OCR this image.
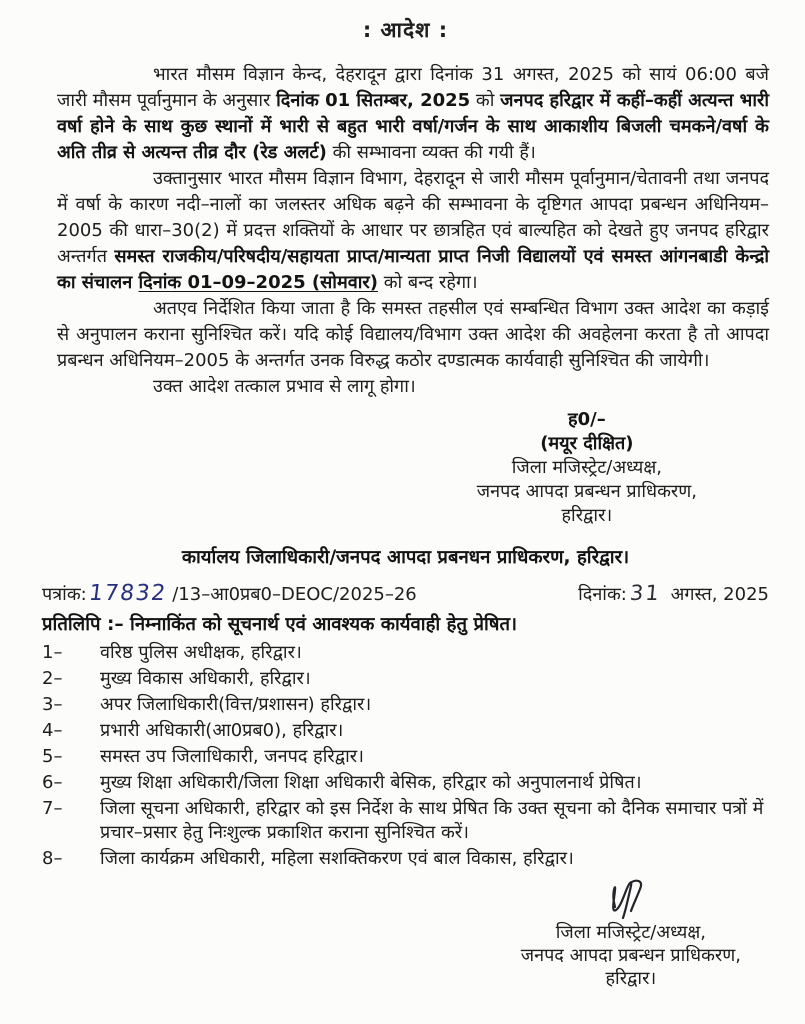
: आदेश :

भारत मौसम विज्ञान केन्द, देहरादून द्वारा दिनांक 31 अगस्त, 2025 को सायं 06:00 बजे जारी मौसम पूर्वानुमान के अनुसार दिनांक 01 सितम्बर, 2025 को जनपद हरिद्वार में कहीं–कहीं अत्यन्त भारी वर्षा होने के साथ कुछ स्थानों में भारी से बहुत भारी वर्षा/गर्जन के साथ आकाशीय बिजली चमकने/वर्षा के अति तीव्र से अत्यन्त तीव्र दौर (रेड अलर्ट) की सम्भावना व्यक्त की गयी हैं।

उक्तानुसार भारत मौसम विज्ञान विभाग, देहरादून से जारी मौसम पूर्वानुमान/चेतावनी तथा जनपद में वर्षा के कारण नदी–नालों का जलस्तर अधिक बढ़ने की सम्भावना के दृष्टिगत आपदा प्रबन्धन अधिनियम–2005 की धारा–30(2) में प्रदत्त शक्तियों के आधार पर छात्रहित एवं बाल्यहित को देखते हुए जनपद हरिद्वार अन्तर्गत समस्त राजकीय/परिषदीय/सहायता प्राप्त/मान्यता प्राप्त निजी विद्यालयों एवं समस्त आंगनबाडी केन्द्रो का संचालन दिनांक 01–09–2025 (सोमवार) को बन्द रहेगा।

अतएव निर्देशित किया जाता है कि समस्त तहसील एवं सम्बन्धित विभाग उक्त आदेश का कड़ाई से अनुपालन कराना सुनिश्चित करें। यदि कोई विद्यालय/विभाग उक्त आदेश की अवहेलना करता है तो आपदा प्रबन्धन अधिनियम–2005 के अन्तर्गत उनक विरुद्ध कठोर दण्डात्मक कार्यवाही सुनिश्चित की जायेगी।

उक्त आदेश तत्काल प्रभाव से लागू होगा।

ह0/–
(मयूर दीक्षित)
जिला मजिस्ट्रेट/अध्यक्ष,
जनपद आपदा प्रबन्धन प्राधिकरण,
हरिद्वार।
कार्यालय जिलाधिकारी/जनपद आपदा प्रबनधन प्राधिकरण, हरिद्वार।
पत्रांक:17832 /13–आ0प्रब0–DEOC/2025–26	दिनांक:31 अगस्त, 2025
प्रतिलिपि :– निम्नाकिंत को सूचनार्थ एवं आवश्यक कार्यवाही हेतु प्रेषित।
1–	वरिष्ठ पुलिस अधीक्षक, हरिद्वार।
2–	मुख्य विकास अधिकारी, हरिद्वार।
3–	अपर जिलाधिकारी(वित्त/प्रशासन) हरिद्वार।
4–	प्रभारी अधिकारी(आ0प्रब0), हरिद्वार।
5–	समस्त उप जिलाधिकारी, जनपद हरिद्वार।
6–	मुख्य शिक्षा अधिकारी/जिला शिक्षा अधिकारी बेसिक, हरिद्वार को अनुपालनार्थ प्रेषित।
7–	जिला सूचना अधिकारी, हरिद्वार को इस निर्देश के साथ प्रेषित कि उक्त सूचना को दैनिक समाचार पत्रों में प्रचार–प्रसार हेतु निःशुल्क प्रकाशित कराना सुनिश्चित करें।
8–	जिला कार्यक्रम अधिकारी, महिला सशक्तिकरण एवं बाल विकास, हरिद्वार।
जिला मजिस्ट्रेट/अध्यक्ष,
जनपद आपदा प्रबन्धन प्राधिकरण,
हरिद्वार।
